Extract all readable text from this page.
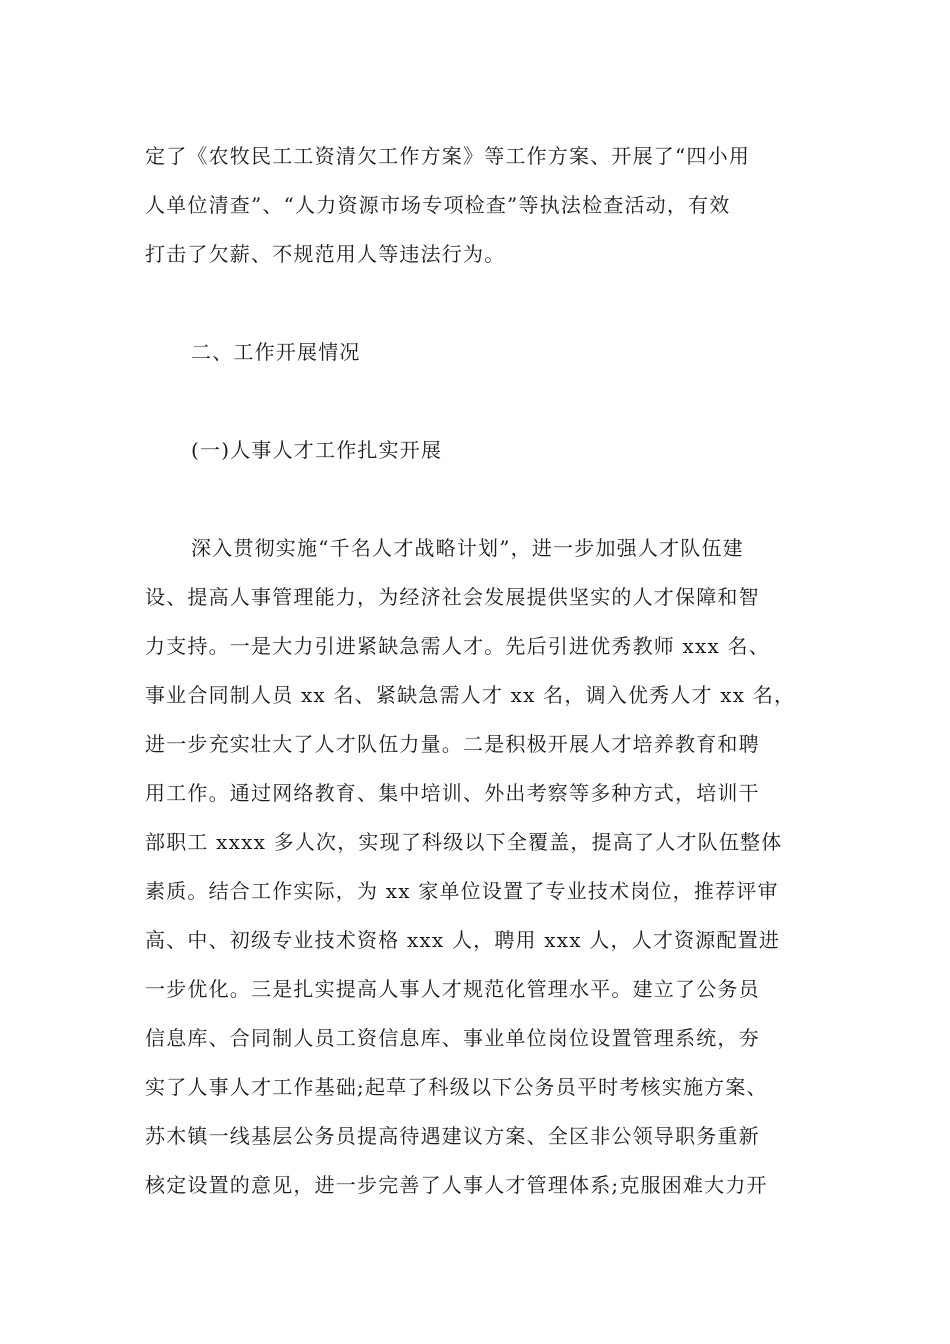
定了《农牧民工工资清欠工作方案》等工作方案、开展了“四小用
人单位清查”、“人力资源市场专项检查”等执法检查活动，有效
打击了欠薪、不规范用人等违法行为。
二、工作开展情况
(一)人事人才工作扎实开展
深入贯彻实施“千名人才战略计划”，进一步加强人才队伍建
设、提高人事管理能力，为经济社会发展提供坚实的人才保障和智
力支持。一是大力引进紧缺急需人才。先后引进优秀教师 xxx 名、
事业合同制人员 xx 名、紧缺急需人才 xx 名，调入优秀人才 xx 名，
进一步充实壮大了人才队伍力量。二是积极开展人才培养教育和聘
用工作。通过网络教育、集中培训、外出考察等多种方式，培训干
部职工 xxxx 多人次，实现了科级以下全覆盖，提高了人才队伍整体
素质。结合工作实际，为 xx 家单位设置了专业技术岗位，推荐评审
高、中、初级专业技术资格 xxx 人，聘用 xxx 人，人才资源配置进
一步优化。三是扎实提高人事人才规范化管理水平。建立了公务员
信息库、合同制人员工资信息库、事业单位岗位设置管理系统，夯
实了人事人才工作基础;起草了科级以下公务员平时考核实施方案、
苏木镇一线基层公务员提高待遇建议方案、全区非公领导职务重新
核定设置的意见，进一步完善了人事人才管理体系;克服困难大力开
